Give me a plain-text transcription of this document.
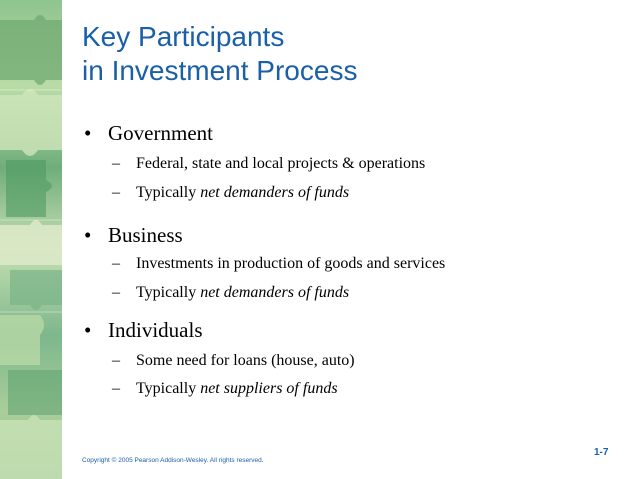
Key Participants
in Investment Process
• Government
– Federal, state and local projects & operations
– Typically net demanders of funds
• Business
– Investments in production of goods and services
– Typically net demanders of funds
• Individuals
– Some need for loans (house, auto)
– Typically net suppliers of funds
Copyright © 2005 Pearson Addison-Wesley. All rights reserved.
1-7
